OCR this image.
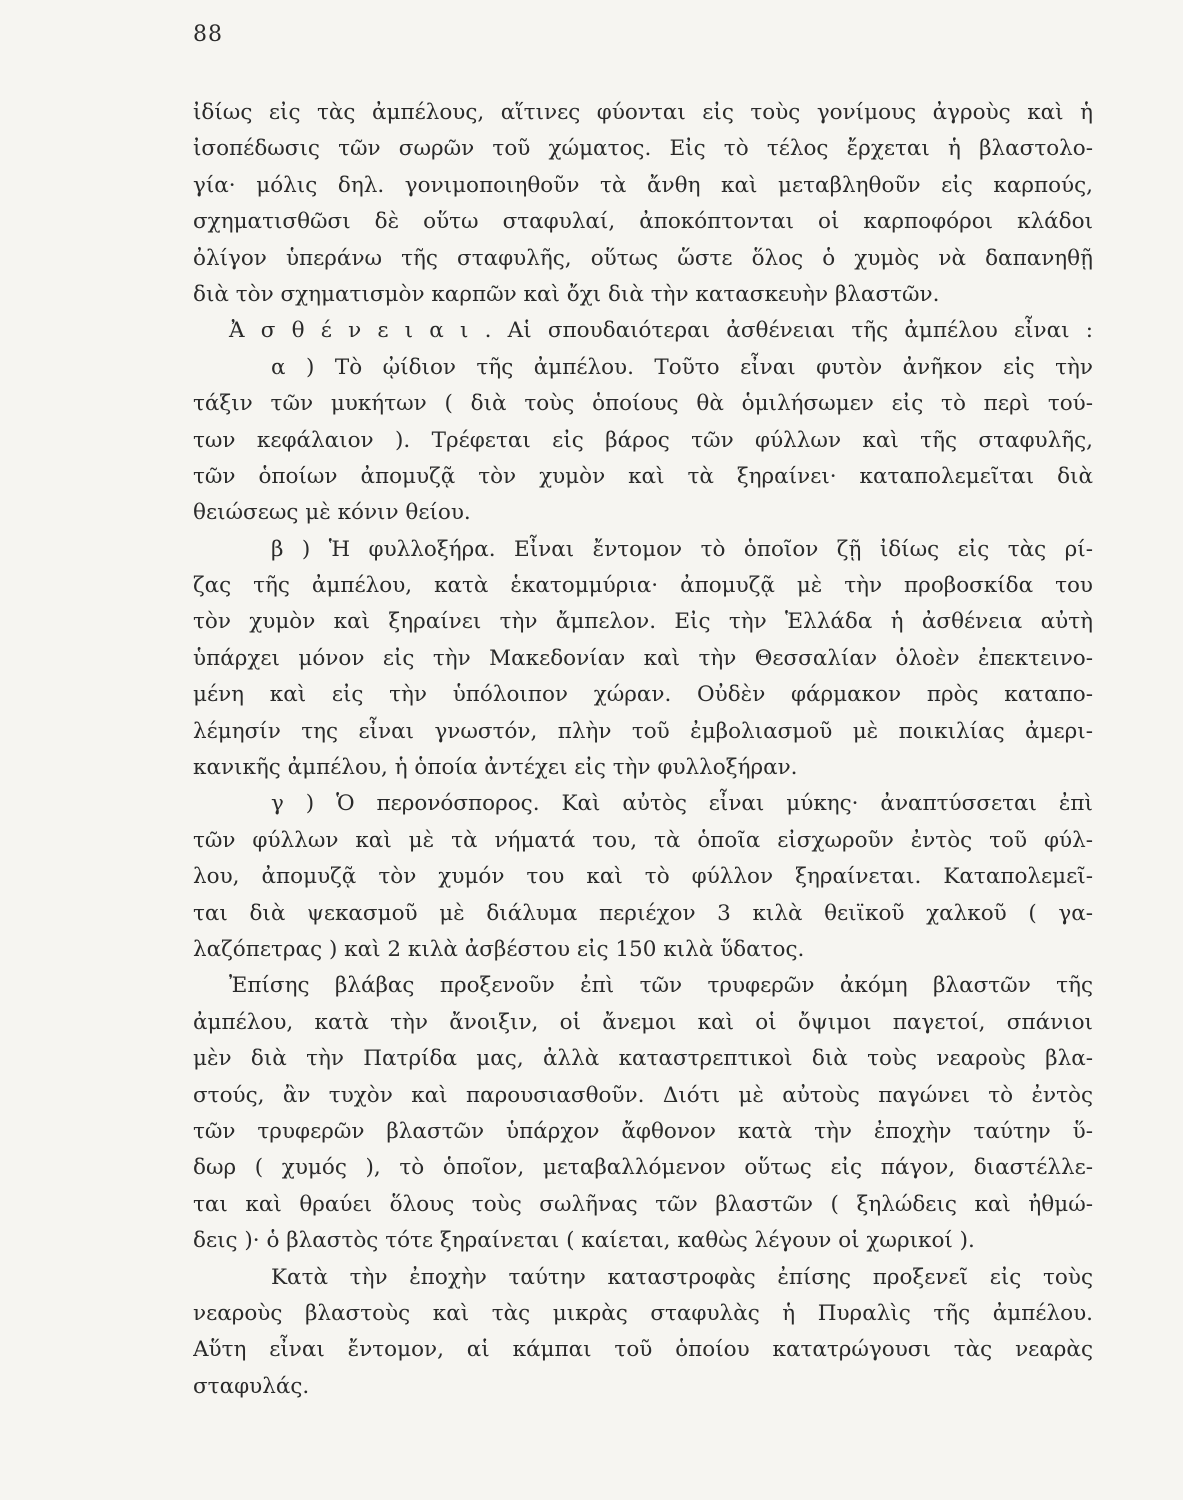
88
ἰδίως εἰς τὰς ἀμπέλους, αἵτινες φύονται εἰς τοὺς γονίμους ἀγροὺς καὶ ἡ
ἰσοπέδωσις τῶν σωρῶν τοῦ χώματος. Εἰς τὸ τέλος ἔρχεται ἡ βλαστολο-
γία· μόλις δηλ. γονιμοποιηθοῦν τὰ ἄνθη καὶ μεταβληθοῦν εἰς καρπούς,
σχηματισθῶσι δὲ οὕτω σταφυλαί, ἀποκόπτονται οἱ καρποφόροι κλάδοι
ὀλίγον ὑπεράνω τῆς σταφυλῆς, οὕτως ὥστε ὅλος ὁ χυμὸς νὰ δαπανηθῇ
διὰ τὸν σχηματισμὸν καρπῶν καὶ ὄχι διὰ τὴν κατασκευὴν βλαστῶν.
Ἀ σ θ έ ν ε ι α ι . Αἱ σπουδαιότεραι ἀσθένειαι τῆς ἀμπέλου εἶναι :
α ) Τὸ ᾠίδιον τῆς ἀμπέλου. Τοῦτο εἶναι φυτὸν ἀνῆκον εἰς τὴν
τάξιν τῶν μυκήτων ( διὰ τοὺς ὁποίους θὰ ὁμιλήσωμεν εἰς τὸ περὶ τού-
των κεφάλαιον ). Τρέφεται εἰς βάρος τῶν φύλλων καὶ τῆς σταφυλῆς,
τῶν ὁποίων ἀπομυζᾷ τὸν χυμὸν καὶ τὰ ξηραίνει· καταπολεμεῖται διὰ
θειώσεως μὲ κόνιν θείου.
β ) Ἡ φυλλοξήρα. Εἶναι ἔντομον τὸ ὁποῖον ζῇ ἰδίως εἰς τὰς ρί-
ζας τῆς ἀμπέλου, κατὰ ἑκατομμύρια· ἀπομυζᾷ μὲ τὴν προβοσκίδα του
τὸν χυμὸν καὶ ξηραίνει τὴν ἄμπελον. Εἰς τὴν Ἑλλάδα ἡ ἀσθένεια αὐτὴ
ὑπάρχει μόνον εἰς τὴν Μακεδονίαν καὶ τὴν Θεσσαλίαν ὁλοὲν ἐπεκτεινο-
μένη καὶ εἰς τὴν ὑπόλοιπον χώραν. Οὐδὲν φάρμακον πρὸς καταπο-
λέμησίν της εἶναι γνωστόν, πλὴν τοῦ ἐμβολιασμοῦ μὲ ποικιλίας ἀμερι-
κανικῆς ἀμπέλου, ἡ ὁποία ἀντέχει εἰς τὴν φυλλοξήραν.
γ ) Ὁ περονόσπορος. Καὶ αὐτὸς εἶναι μύκης· ἀναπτύσσεται ἐπὶ
τῶν φύλλων καὶ μὲ τὰ νήματά του, τὰ ὁποῖα εἰσχωροῦν ἐντὸς τοῦ φύλ-
λου, ἀπομυζᾷ τὸν χυμόν του καὶ τὸ φύλλον ξηραίνεται. Καταπολεμεῖ-
ται διὰ ψεκασμοῦ μὲ διάλυμα περιέχον 3 κιλὰ θειϊκοῦ χαλκοῦ ( γα-
λαζόπετρας ) καὶ 2 κιλὰ ἀσβέστου εἰς 150 κιλὰ ὕδατος.
Ἐπίσης βλάβας προξενοῦν ἐπὶ τῶν τρυφερῶν ἀκόμη βλαστῶν τῆς
ἀμπέλου, κατὰ τὴν ἄνοιξιν, οἱ ἄνεμοι καὶ οἱ ὄψιμοι παγετοί, σπάνιοι
μὲν διὰ τὴν Πατρίδα μας, ἀλλὰ καταστρεπτικοὶ διὰ τοὺς νεαροὺς βλα-
στούς, ἂν τυχὸν καὶ παρουσιασθοῦν. Διότι μὲ αὐτοὺς παγώνει τὸ ἐντὸς
τῶν τρυφερῶν βλαστῶν ὑπάρχον ἄφθονον κατὰ τὴν ἐποχὴν ταύτην ὕ-
δωρ ( χυμός ), τὸ ὁποῖον, μεταβαλλόμενον οὕτως εἰς πάγον, διαστέλλε-
ται καὶ θραύει ὅλους τοὺς σωλῆνας τῶν βλαστῶν ( ξηλώδεις καὶ ἠθμώ-
δεις )· ὁ βλαστὸς τότε ξηραίνεται ( καίεται, καθὼς λέγουν οἱ χωρικοί ).
Κατὰ τὴν ἐποχὴν ταύτην καταστροφὰς ἐπίσης προξενεῖ εἰς τοὺς
νεαροὺς βλαστοὺς καὶ τὰς μικρὰς σταφυλὰς ἡ Πυραλὶς τῆς ἀμπέλου.
Αὕτη εἶναι ἔντομον, αἱ κάμπαι τοῦ ὁποίου κατατρώγουσι τὰς νεαρὰς
σταφυλάς.
